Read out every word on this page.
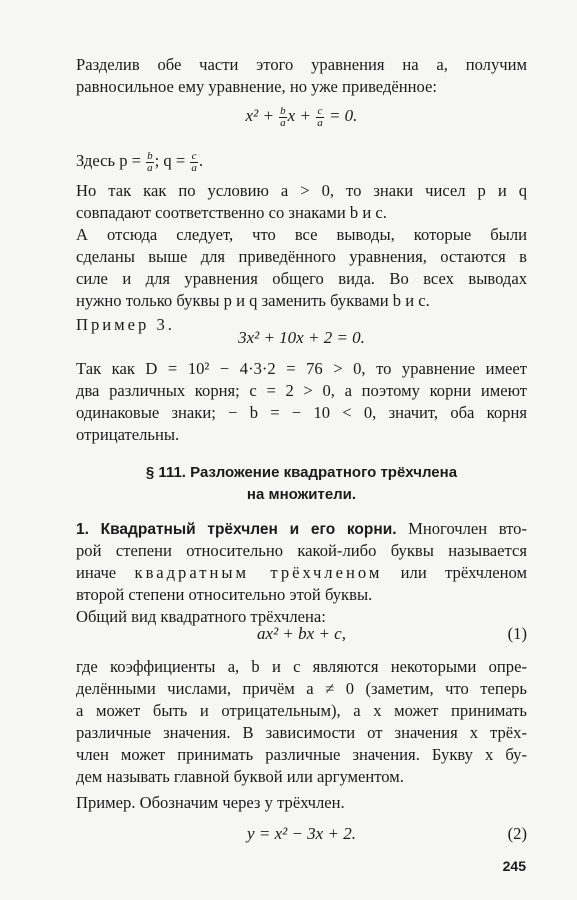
Разделив обе части этого уравнения на a, получим
равносильное ему уравнение, но уже приведённое:
$x^2 + \frac{b}{a}$ $x + \frac{c}{a} = 0$.
Здесь $p = \frac{b}{a}$ ; $q = \frac{c}{a}$ .
Но так как по условию a > 0, то знаки чисел p и q
совпадают соответственно со знаками b и c.
А отсюда следует, что все выводы, которые были
сделаны выше для приведённого уравнения, остаются в
силе и для уравнения общего вида. Во всех выводах
нужно только буквы p и q заменить буквами b и c.
Пример 3.
3x² + 10x + 2 = 0.
Так как D = 10² − 4·3·2 = 76 > 0, то уравнение имеет
два различных корня; c = 2 > 0, а поэтому корни имеют
одинаковые знаки; − b = − 10 < 0, значит, оба корня
отрицательны.
§ 111. Разложение квадратного трёхчлена
на множители.
1. Квадратный трёхчлен и его корни. Многочлен вто-
рой степени относительно какой-либо буквы называется
иначе квадратным трёхчленом или трёхчленом
второй степени относительно этой буквы.
Общий вид квадратного трёхчлена:
ax² + bx + c,	(1)
где коэффициенты a, b и c являются некоторыми опре-
делёнными числами, причём a ≠ 0 (заметим, что теперь
a может быть и отрицательным), а x может принимать
различные значения. В зависимости от значения x трёх-
член может принимать различные значения. Букву x бу-
дем называть главной буквой или аргументом.
Пример. Обозначим через y трёхчлен.
y = x² − 3x + 2.	(2)
245
